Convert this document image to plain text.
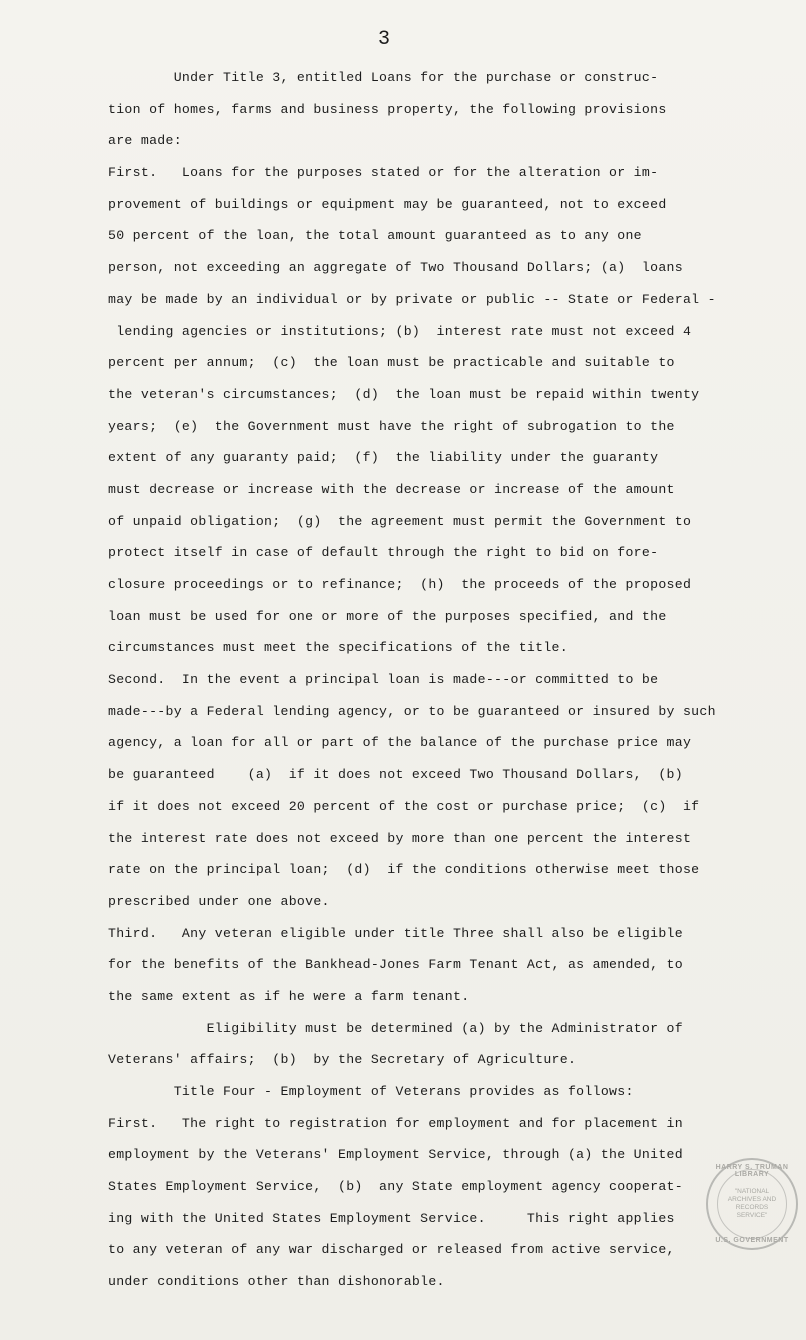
3
Under Title 3, entitled Loans for the purchase or construc-
tion of homes, farms and business property, the following provisions
are made:
First.   Loans for the purposes stated or for the alteration or im-
provement of buildings or equipment may be guaranteed, not to exceed
50 percent of the loan, the total amount guaranteed as to any one
person, not exceeding an aggregate of Two Thousand Dollars; (a)  loans
may be made by an individual or by private or public -- State or Federal -
lending agencies or institutions; (b)  interest rate must not exceed 4
percent per annum;  (c)  the loan must be practicable and suitable to
the veteran's circumstances;  (d)  the loan must be repaid within twenty
years;  (e)  the Government must have the right of subrogation to the
extent of any guaranty paid;  (f)  the liability under the guaranty
must decrease or increase with the decrease or increase of the amount
of unpaid obligation;  (g)  the agreement must permit the Government to
protect itself in case of default through the right to bid on fore-
closure proceedings or to refinance;  (h)  the proceeds of the proposed
loan must be used for one or more of the purposes specified, and the
circumstances must meet the specifications of the title.
Second.  In the event a principal loan is made---or committed to be
made---by a Federal lending agency, or to be guaranteed or insured by such
agency, a loan for all or part of the balance of the purchase price may
be guaranteed    (a)  if it does not exceed Two Thousand Dollars,  (b)
if it does not exceed 20 percent of the cost or purchase price;  (c)  if
the interest rate does not exceed by more than one percent the interest
rate on the principal loan;  (d)  if the conditions otherwise meet those
prescribed under one above.
Third.   Any veteran eligible under title Three shall also be eligible
for the benefits of the Bankhead-Jones Farm Tenant Act, as amended, to
the same extent as if he were a farm tenant.
Eligibility must be determined (a) by the Administrator of
Veterans' affairs;  (b)  by the Secretary of Agriculture.
Title Four - Employment of Veterans provides as follows:
First.   The right to registration for employment and for placement in
employment by the Veterans' Employment Service, through (a) the United
States Employment Service,  (b)  any State employment agency cooperat-
ing with the United States Employment Service.     This right applies
to any veteran of any war discharged or released from active service,
under conditions other than dishonorable.
HARRY S. TRUMAN LIBRARY
"NATIONAL ARCHIVES AND RECORDS SERVICE"
U.S. GOVERNMENT
